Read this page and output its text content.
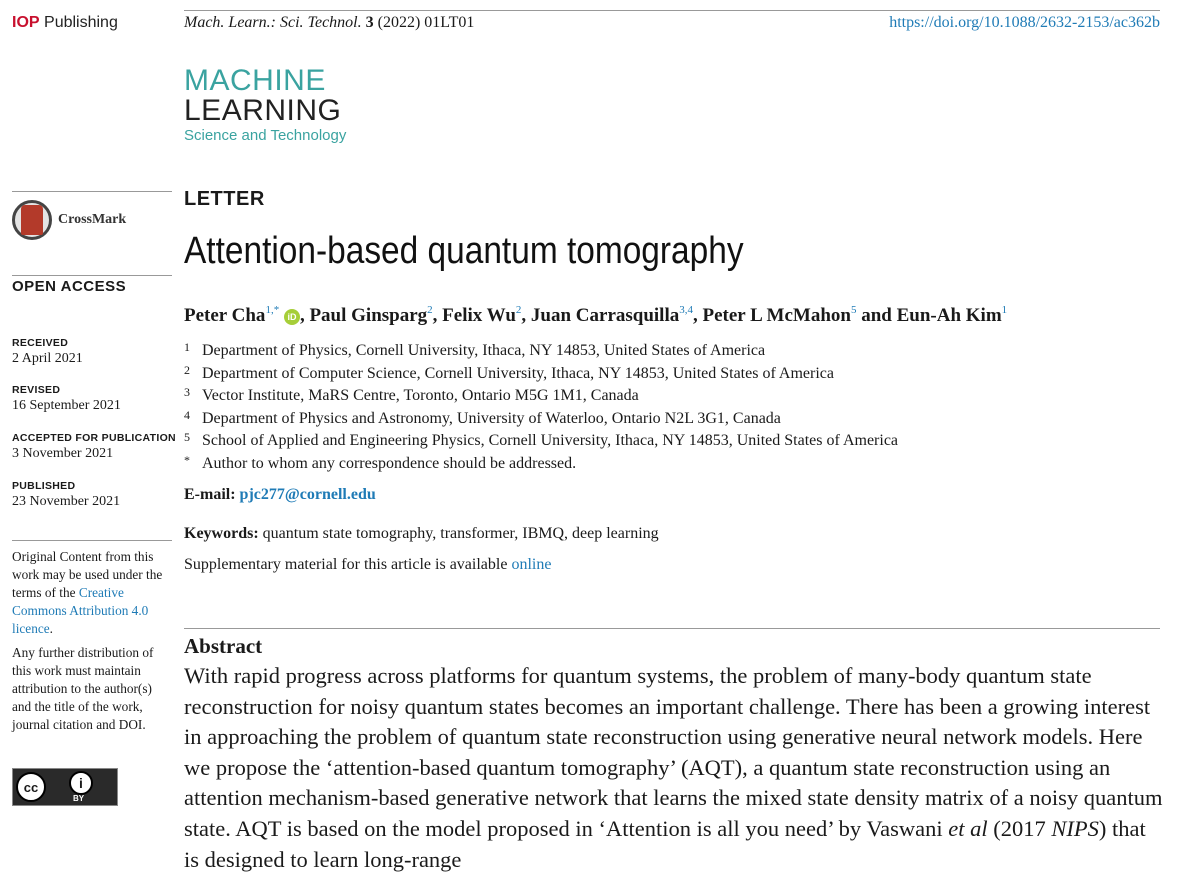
IOP Publishing	Mach. Learn.: Sci. Technol. 3 (2022) 01LT01	https://doi.org/10.1088/2632-2153/ac362b
MACHINE
LEARNING
Science and Technology
CrossMark
OPEN ACCESS
RECEIVED
2 April 2021
REVISED
16 September 2021
ACCEPTED FOR PUBLICATION
3 November 2021
PUBLISHED
23 November 2021

Original Content from this work may be used under the terms of the Creative Commons Attribution 4.0 licence.

Any further distribution of this work must maintain attribution to the author(s) and the title of the work, journal citation and DOI.

cc	i
BY
LETTER
Attention-based quantum tomography
Peter Cha$^{1,*}$ iD , Paul Ginsparg$^2$, Felix Wu$^2$, Juan Carrasquilla$^{3,4}$, Peter L McMahon$^5$ and Eun-Ah Kim$^1$
1 Department of Physics, Cornell University, Ithaca, NY 14853, United States of America
2 Department of Computer Science, Cornell University, Ithaca, NY 14853, United States of America
3 Vector Institute, MaRS Centre, Toronto, Ontario M5G 1M1, Canada
4 Department of Physics and Astronomy, University of Waterloo, Ontario N2L 3G1, Canada
5 School of Applied and Engineering Physics, Cornell University, Ithaca, NY 14853, United States of America
* Author to whom any correspondence should be addressed.
E-mail: pjc277@cornell.edu
Keywords: quantum state tomography, transformer, IBMQ, deep learning
Supplementary material for this article is available online
Abstract
With rapid progress across platforms for quantum systems, the problem of many-body quantum state reconstruction for noisy quantum states becomes an important challenge. There has been a growing interest in approaching the problem of quantum state reconstruction using generative neural network models. Here we propose the ‘attention-based quantum tomography’ (AQT), a quantum state reconstruction using an attention mechanism-based generative network that learns the mixed state density matrix of a noisy quantum state. AQT is based on the model proposed in ‘Attention is all you need’ by Vaswani et al (2017 NIPS) that is designed to learn long-range
